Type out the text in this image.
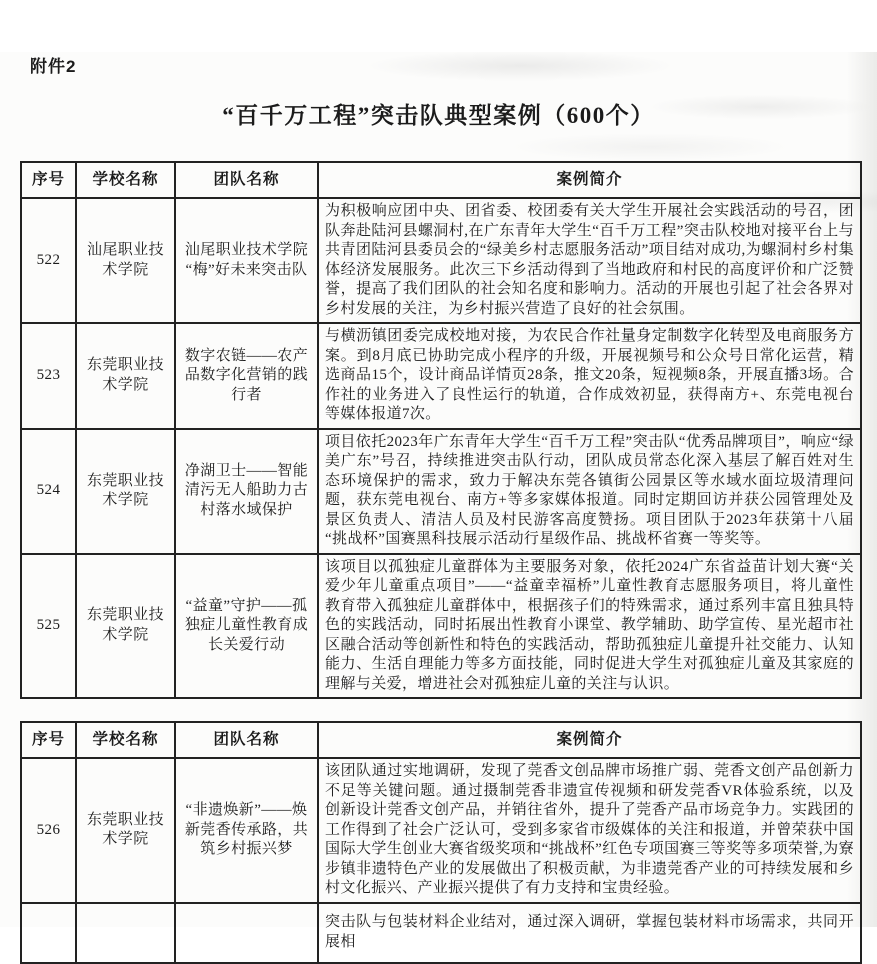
附件2
“百千万工程”突击队典型案例（600个）
序号	学校名称	团队名称	案例简介
522	汕尾职业技术学院	汕尾职业技术学院“梅”好未来突击队	为积极响应团中央、团省委、校团委有关大学生开展社会实践活动的号召，团队奔赴陆河县螺洞村,在广东青年大学生“百千万工程”突击队校地对接平台上与共青团陆河县委员会的“绿美乡村志愿服务活动”项目结对成功,为螺洞村乡村集体经济发展服务。此次三下乡活动得到了当地政府和村民的高度评价和广泛赞誉，提高了我们团队的社会知名度和影响力。活动的开展也引起了社会各界对乡村发展的关注，为乡村振兴营造了良好的社会氛围。
523	东莞职业技术学院	数字农链——农产品数字化营销的践行者	与横沥镇团委完成校地对接，为农民合作社量身定制数字化转型及电商服务方案。到8月底已协助完成小程序的升级，开展视频号和公众号日常化运营，精选商品15个，设计商品详情页28条，推文20条，短视频8条，开展直播3场。合作社的业务进入了良性运行的轨道，合作成效初显，获得南方+、东莞电视台等媒体报道7次。
524	东莞职业技术学院	净湖卫士——智能清污无人船助力古村落水域保护	项目依托2023年广东青年大学生“百千万工程”突击队“优秀品牌项目”，响应“绿美广东”号召，持续推进突击队行动，团队成员常态化深入基层了解百姓对生态环境保护的需求，致力于解决东莞各镇街公园景区等水域水面垃圾清理问题，获东莞电视台、南方+等多家媒体报道。同时定期回访并获公园管理处及景区负责人、清洁人员及村民游客高度赞扬。项目团队于2023年获第十八届“挑战杯”国赛黑科技展示活动行星级作品、挑战杯省赛一等奖等。
525	东莞职业技术学院	“益童”守护——孤独症儿童性教育成长关爱行动	该项目以孤独症儿童群体为主要服务对象，依托2024广东省益苗计划大赛“关爱少年儿童重点项目”——“益童幸福桥”儿童性教育志愿服务项目，将儿童性教育带入孤独症儿童群体中，根据孩子们的特殊需求，通过系列丰富且独具特色的实践活动，同时拓展出性教育小课堂、教学辅助、助学宣传、星光超市社区融合活动等创新性和特色的实践活动，帮助孤独症儿童提升社交能力、认知能力、生活自理能力等多方面技能，同时促进大学生对孤独症儿童及其家庭的理解与关爱，增进社会对孤独症儿童的关注与认识。
序号	学校名称	团队名称	案例简介
526	东莞职业技术学院	“非遗焕新”——焕新莞香传承路，共筑乡村振兴梦	该团队通过实地调研，发现了莞香文创品牌市场推广弱、莞香文创产品创新力不足等关键问题。通过摄制莞香非遗宣传视频和研发莞香VR体验系统，以及创新设计莞香文创产品，并销往省外，提升了莞香产品市场竞争力。实践团的工作得到了社会广泛认可，受到多家省市级媒体的关注和报道，并曾荣获中国国际大学生创业大赛省级奖项和“挑战杯”红色专项国赛三等奖等多项荣誉,为寮步镇非遗特色产业的发展做出了积极贡献，为非遗莞香产业的可持续发展和乡村文化振兴、产业振兴提供了有力支持和宝贵经验。
			突击队与包装材料企业结对，通过深入调研，掌握包装材料市场需求，共同开展相
